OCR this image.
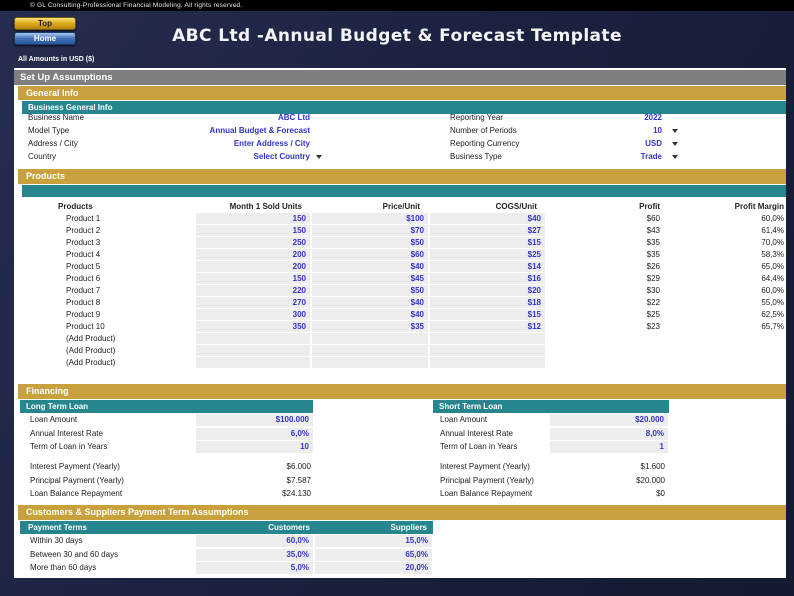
© GL Consulting-Professional Financial Modeling. All rights reserved.
Top
Home	ABC Ltd -Annual Budget & Forecast Template
All Amounts in USD ($)
Set Up Assumptions
General Info
Business General Info
Business Name	ABC Ltd	Reporting Year	2022
Model Type	Annual Budget & Forecast	Number of Periods	10
Address / City	Enter Address / City	Reporting Currency	USD
Country	Select Country	Business Type	Trade
Products
Products	Month 1 Sold Units	Price/Unit	COGS/Unit	Profit	Profit Margin
Product 1	150	$100	$40	$60	60,0%
Product 2	150	$70	$27	$43	61,4%
Product 3	250	$50	$15	$35	70,0%
Product 4	200	$60	$25	$35	58,3%
Product 5	200	$40	$14	$26	65,0%
Product 6	150	$45	$16	$29	64,4%
Product 7	220	$50	$20	$30	60,0%
Product 8	270	$40	$18	$22	55,0%
Product 9	300	$40	$15	$25	62,5%
Product 10	350	$35	$12	$23	65,7%
(Add Product)
(Add Product)
(Add Product)
Financing
Long Term Loan	Short Term Loan
Loan Amount	$100.000
Annual Interest Rate	6,0%
Term of Loan in Years	10
Loan Amount	$20.000
Annual Interest Rate	8,0%
Term of Loan in Years	1
Interest Payment (Yearly)	$6.000
Principal Payment (Yearly)	$7.587
Loan Balance Repayment	$24.130
Interest Payment (Yearly)	$1.600
Principal Payment (Yearly)	$20.000
Loan Balance Repayment	$0
Customers & Suppliers Payment Term Assumptions
Payment Terms	Customers	Suppliers
Within 30 days	60,0%	15,0%
Between 30 and 60 days	35,0%	65,0%
More than 60 days	5,0%	20,0%
